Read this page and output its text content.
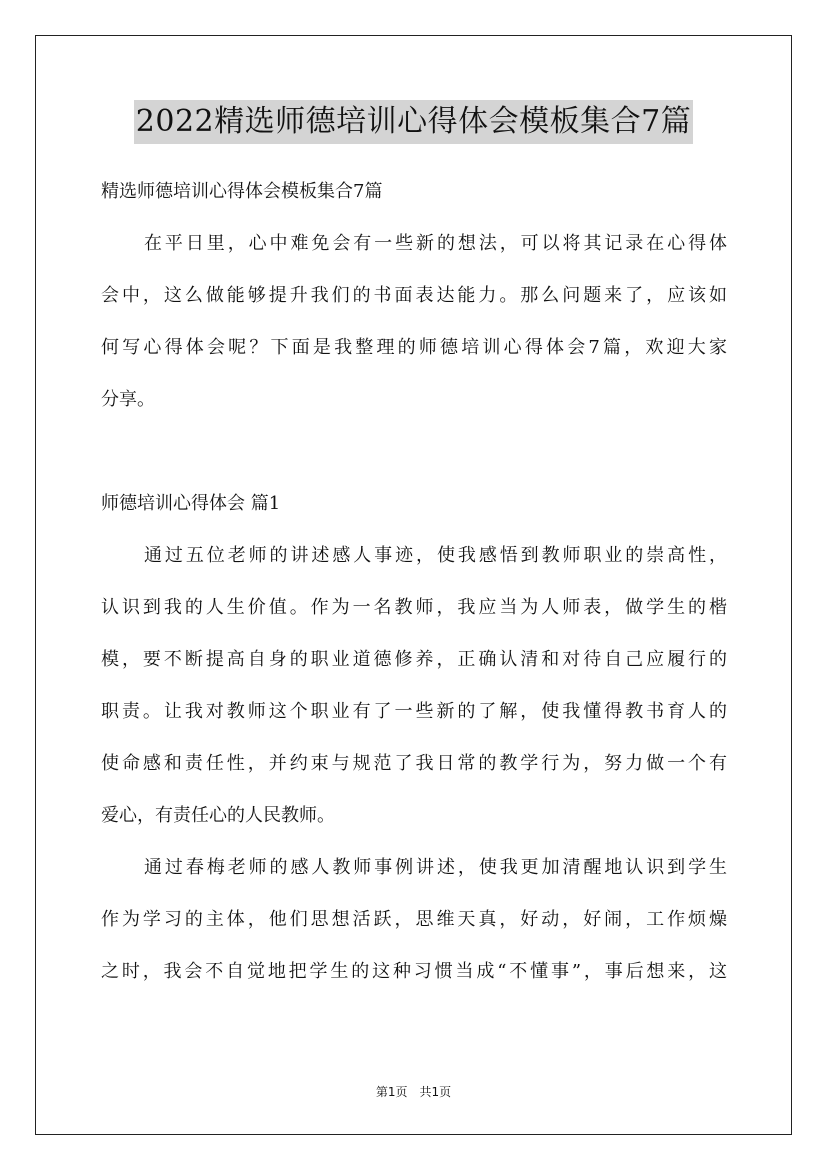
2022精选师德培训心得体会模板集合7篇
精选师德培训心得体会模板集合7篇
在平日里，心中难免会有一些新的想法，可以将其记录在心得体
会中，这么做能够提升我们的书面表达能力。那么问题来了，应该如
何写心得体会呢？下面是我整理的师德培训心得体会7篇，欢迎大家
分享。
师德培训心得体会 篇1
通过五位老师的讲述感人事迹，使我感悟到教师职业的崇高性，
认识到我的人生价值。作为一名教师，我应当为人师表，做学生的楷
模，要不断提高自身的职业道德修养，正确认清和对待自己应履行的
职责。让我对教师这个职业有了一些新的了解，使我懂得教书育人的
使命感和责任性，并约束与规范了我日常的教学行为，努力做一个有
爱心，有责任心的人民教师。
通过春梅老师的感人教师事例讲述，使我更加清醒地认识到学生
作为学习的主体，他们思想活跃，思维天真，好动，好闹，工作烦燥
之时，我会不自觉地把学生的这种习惯当成“不懂事”，事后想来，这
第1页 共1页
